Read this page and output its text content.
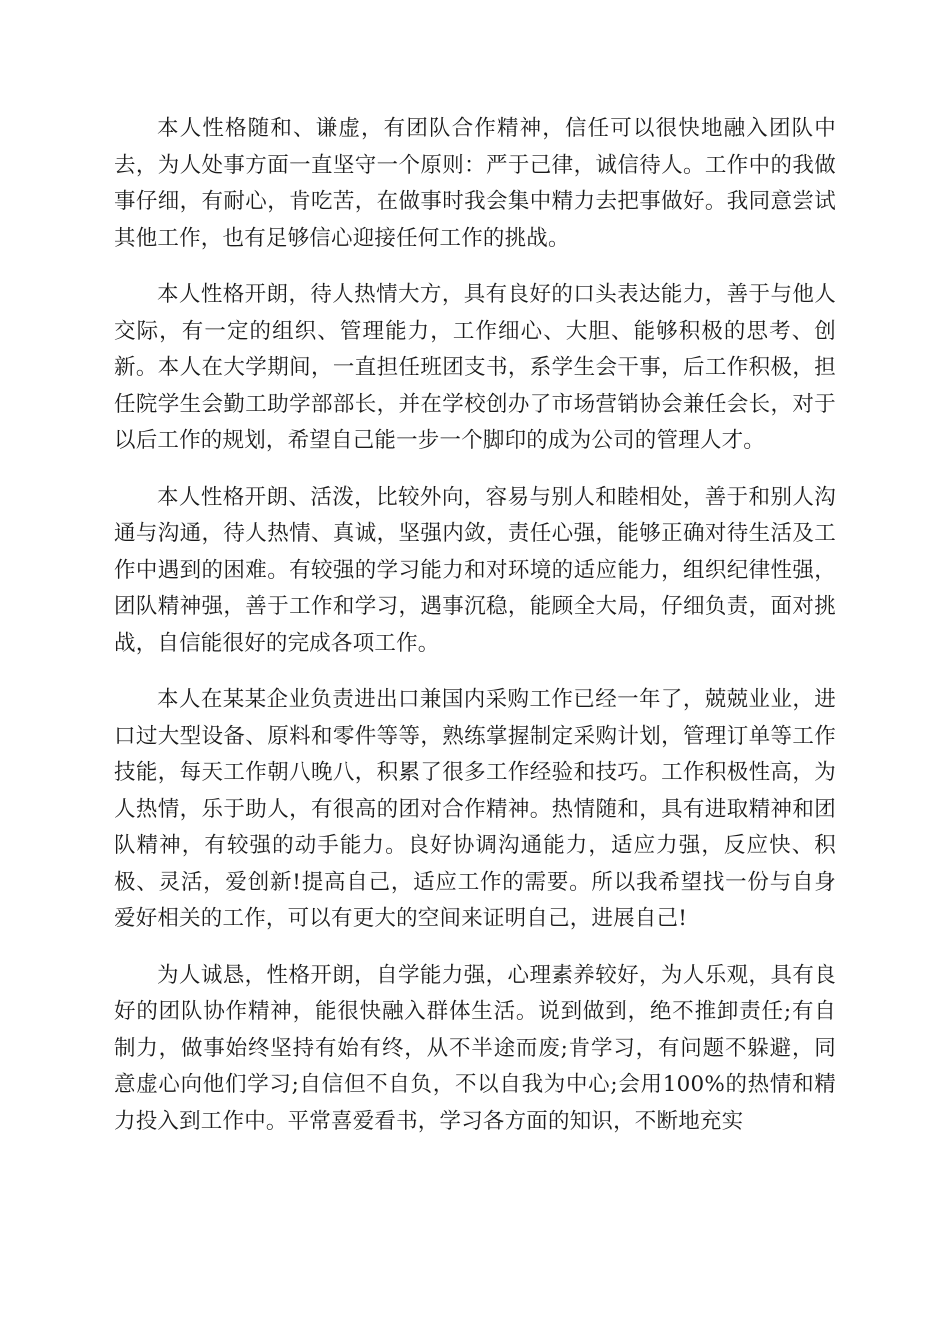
本人性格随和、谦虚，有团队合作精神，信任可以很快地融入团队中去，为人处事方面一直坚守一个原则：严于己律，诚信待人。工作中的我做事仔细，有耐心，肯吃苦，在做事时我会集中精力去把事做好。我同意尝试其他工作，也有足够信心迎接任何工作的挑战。

本人性格开朗，待人热情大方，具有良好的口头表达能力，善于与他人交际，有一定的组织、管理能力，工作细心、大胆、能够积极的思考、创新。本人在大学期间，一直担任班团支书，系学生会干事，后工作积极，担任院学生会勤工助学部部长，并在学校创办了市场营销协会兼任会长，对于以后工作的规划，希望自己能一步一个脚印的成为公司的管理人才。

本人性格开朗、活泼，比较外向，容易与别人和睦相处，善于和别人沟通与沟通，待人热情、真诚，坚强内敛，责任心强，能够正确对待生活及工作中遇到的困难。有较强的学习能力和对环境的适应能力，组织纪律性强，团队精神强，善于工作和学习，遇事沉稳，能顾全大局，仔细负责，面对挑战，自信能很好的完成各项工作。

本人在某某企业负责进出口兼国内采购工作已经一年了，兢兢业业，进口过大型设备、原料和零件等等，熟练掌握制定采购计划，管理订单等工作技能，每天工作朝八晚八，积累了很多工作经验和技巧。工作积极性高，为人热情，乐于助人，有很高的团对合作精神。热情随和，具有进取精神和团队精神，有较强的动手能力。良好协调沟通能力，适应力强，反应快、积极、灵活，爱创新!提高自己，适应工作的需要。所以我希望找一份与自身爱好相关的工作，可以有更大的空间来证明自己，进展自己!

为人诚恳，性格开朗，自学能力强，心理素养较好，为人乐观，具有良好的团队协作精神，能很快融入群体生活。说到做到，绝不推卸责任;有自制力，做事始终坚持有始有终，从不半途而废;肯学习，有问题不躲避，同意虚心向他们学习;自信但不自负，不以自我为中心;会用100%的热情和精力投入到工作中。平常喜爱看书，学习各方面的知识，不断地充实
